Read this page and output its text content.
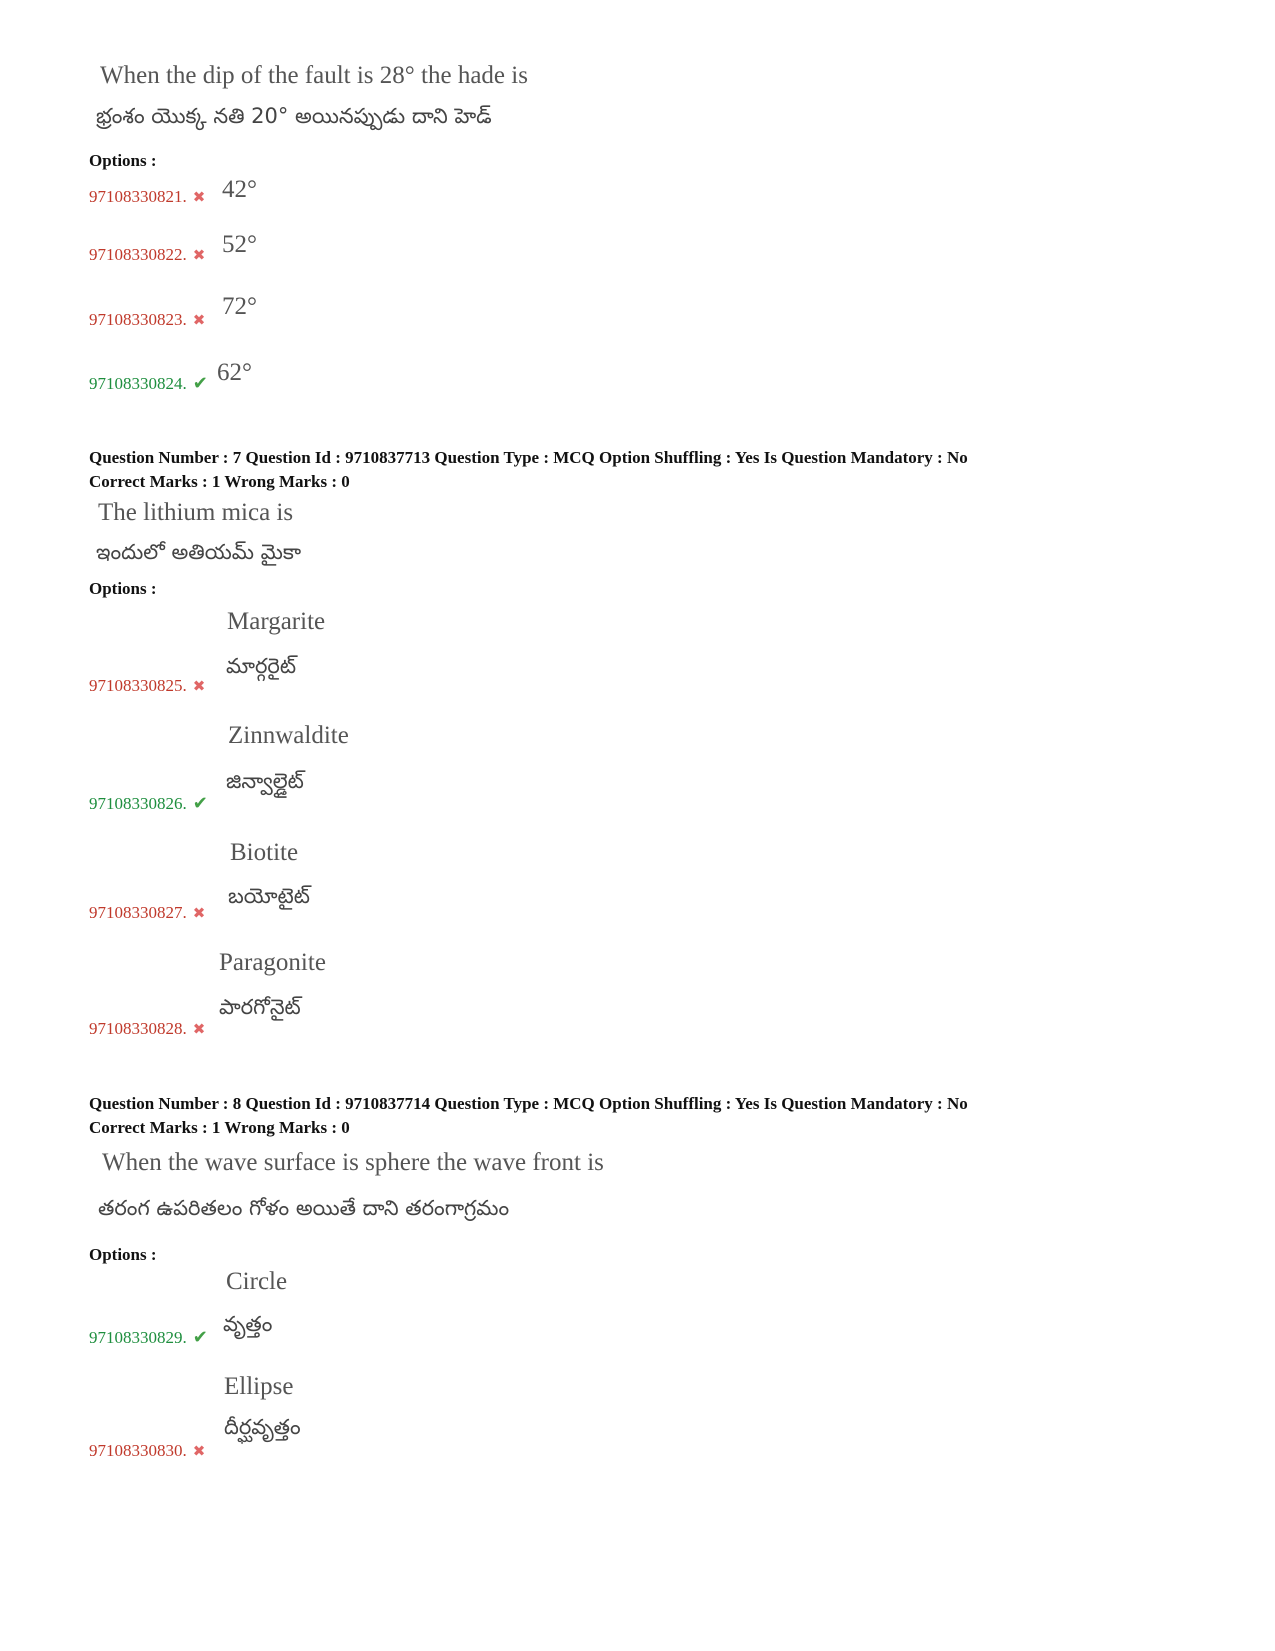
When the dip of the fault is 28° the hade is
భ్రంశం యొక్క నతి 20° అయినప్పుడు దాని హెడ్
Options :
97108330821. ✖ 42°
97108330822. ✖ 52°
97108330823. ✖
72°
97108330824. ✔ 62°
Question Number : 7 Question Id : 9710837713 Question Type : MCQ Option Shuffling : Yes Is Question Mandatory : No
Correct Marks : 1 Wrong Marks : 0
The lithium mica is
ఇందులో అతియమ్ మైకా
Options :
Margarite
మార్గరైట్
97108330825. ✖
Zinnwaldite
జిన్వాల్డైట్
97108330826. ✔
Biotite
బయోటైట్
97108330827. ✖
Paragonite
పారగోనైట్
97108330828. ✖
Question Number : 8 Question Id : 9710837714 Question Type : MCQ Option Shuffling : Yes Is Question Mandatory : No
Correct Marks : 1 Wrong Marks : 0
When the wave surface is sphere the wave front is
తరంగ ఉపరితలం గోళం అయితే దాని తరంగాగ్రమం
Options :
Circle
వృత్తం
97108330829. ✔
Ellipse
దీర్ఘవృత్తం
97108330830. ✖
